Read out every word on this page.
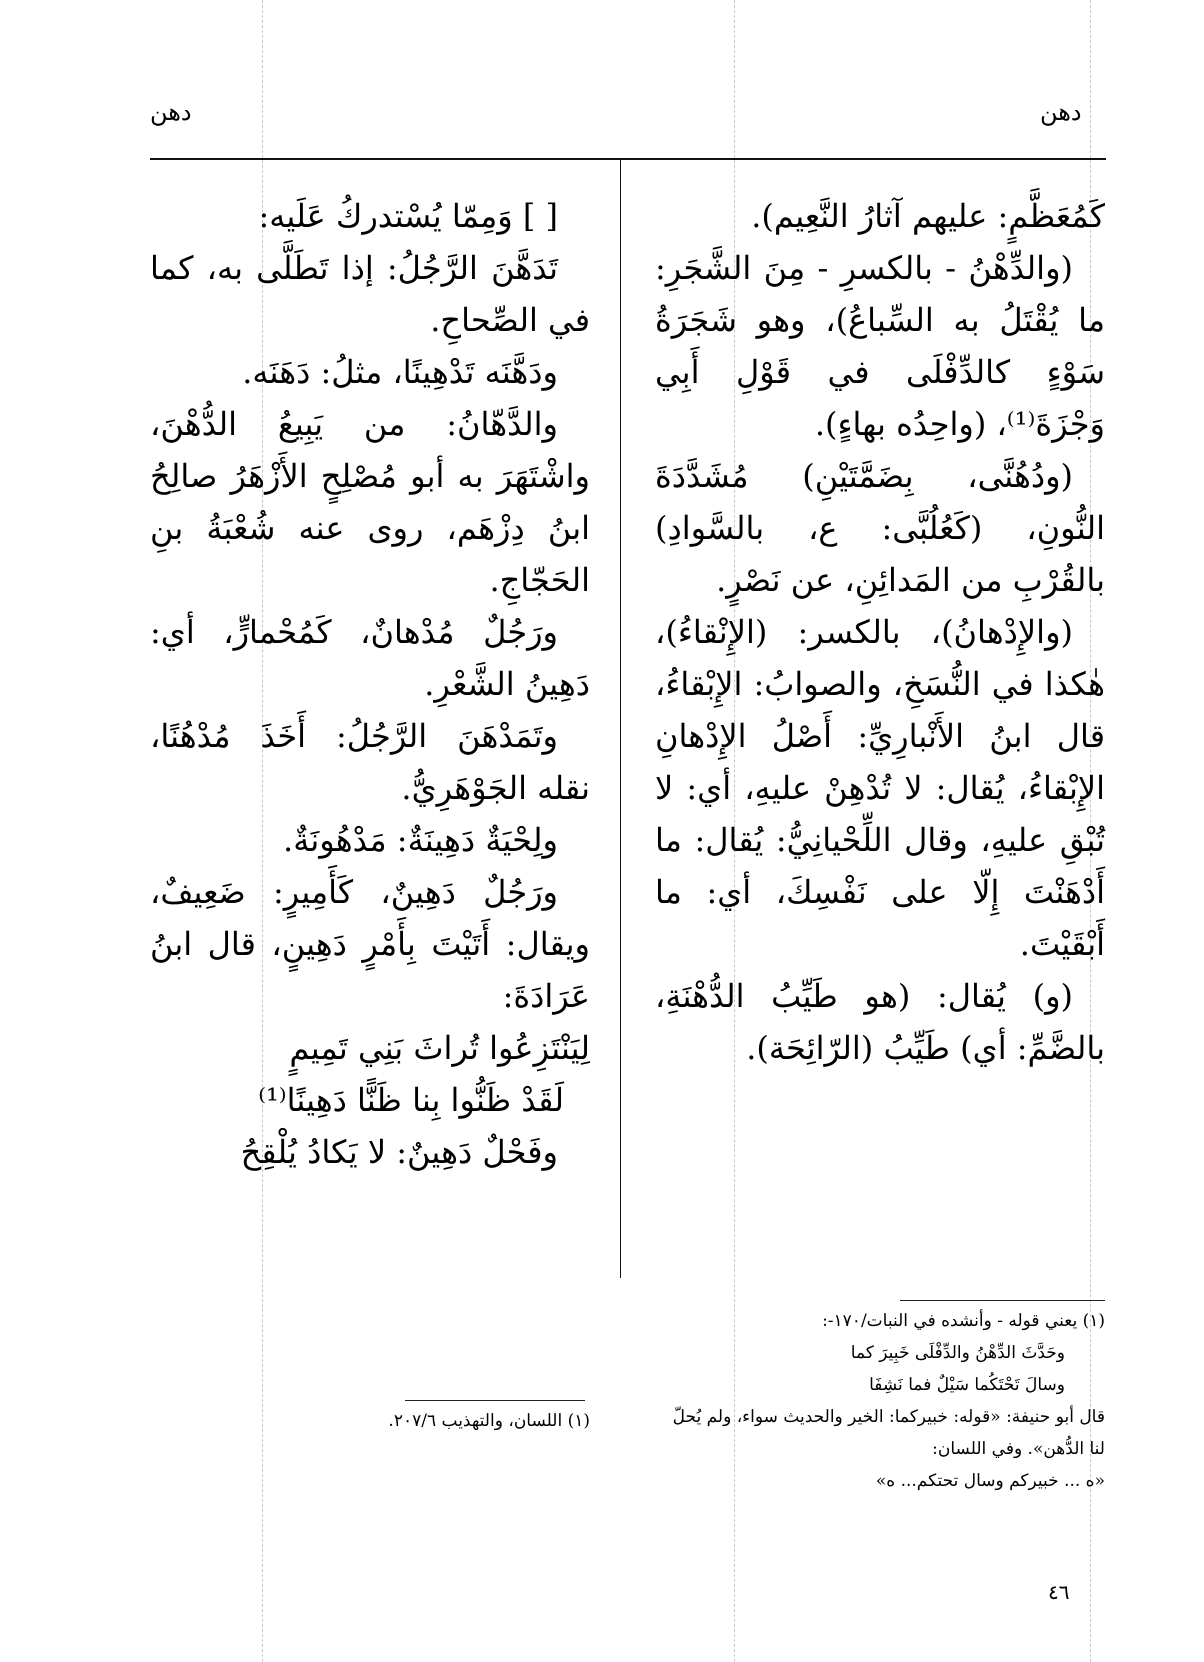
دهن	دهن

كَمُعَظَّمٍ: عليهم آثارُ النَّعِيم).

(والدِّهْنُ - بالكسرِ - مِنَ الشَّجَرِ: ما يُقْتَلُ به السِّباعُ)، وهو شَجَرَةُ سَوْءٍ كالدِّفْلَى في قَوْلِ أَبِي وَجْزَةَ⁽¹⁾، (واحِدُه بهاءٍ).

(ودُهُنَّى، بِضَمَّتَيْنِ) مُشَدَّدَةَ النُّونِ، (كَعُلُبَّى: ع، بالسَّوادِ) بالقُرْبِ من المَدائِنِ، عن نَصْرٍ.

(والإِدْهانُ)، بالكسر: (الإِنْقاءُ)، هٰكذا في النُّسَخِ، والصوابُ: الإِبْقاءُ، قال ابنُ الأَنْبارِيِّ: أَصْلُ الإِدْهانِ الإِبْقاءُ، يُقال: لا تُدْهِنْ عليهِ، أي: لا تُبْقِ عليهِ، وقال اللِّحْيانِيُّ: يُقال: ما أَدْهَنْتَ إِلّا على نَفْسِكَ، أي: ما أَبْقَيْتَ.

(و) يُقال: (هو طَيِّبُ الدُّهْنَةِ، بالضَّمِّ: أي) طَيِّبُ (الرّائِحَة).

(١) يعني قوله - وأنشده في النبات/١٧٠-:

وحَدَّثَ الدِّهْنُ والدِّفْلَى خَبِيرَ كما

وسالَ تَحْتَكُما سَيْلٌ فما نَشِفَا

قال أبو حنيفة: «قوله: خبيركما: الخير والحديث سواء، ولم يُحلّ لنا الدُّهن». وفي اللسان:

«ه ... خبيركم وسال تحتكم... ه»

[ ] وَمِمّا يُسْتدركُ عَلَيه:

تَدَهَّنَ الرَّجُلُ: إذا تَطَلَّى به، كما في الصِّحاحِ.

ودَهَّنَه تَدْهِينًا، مثلُ: دَهَنَه.

والدَّهّانُ: من يَبِيعُ الدُّهْنَ، واشْتَهَرَ به أبو مُصْلِحٍ الأَزْهَرُ صالِحُ ابنُ دِزْهَم، روى عنه شُعْبَةُ بنِ الحَجّاجِ.

ورَجُلٌ مُدْهانٌ، كَمُحْمارٍّ، أي: دَهِينُ الشَّعْرِ.

وتَمَدْهَنَ الرَّجُلُ: أَخَذَ مُدْهُنًا، نقله الجَوْهَرِيُّ.

ولِحْيَةٌ دَهِينَةٌ: مَدْهُونَةٌ.

ورَجُلٌ دَهِينٌ، كَأَمِيرٍ: ضَعِيفٌ، ويقال: أَتَيْتَ بِأَمْرٍ دَهِينٍ، قال ابنُ عَرَادَةَ:

لِيَنْتَزِعُوا تُراثَ بَنِي تَمِيمٍ

لَقَدْ ظَنُّوا بِنا ظَنًّا دَهِينًا⁽¹⁾

وفَحْلٌ دَهِينٌ: لا يَكادُ يُلْقِحُ

(١) اللسان، والتهذيب ٢٠٧/٦.

٤٦
